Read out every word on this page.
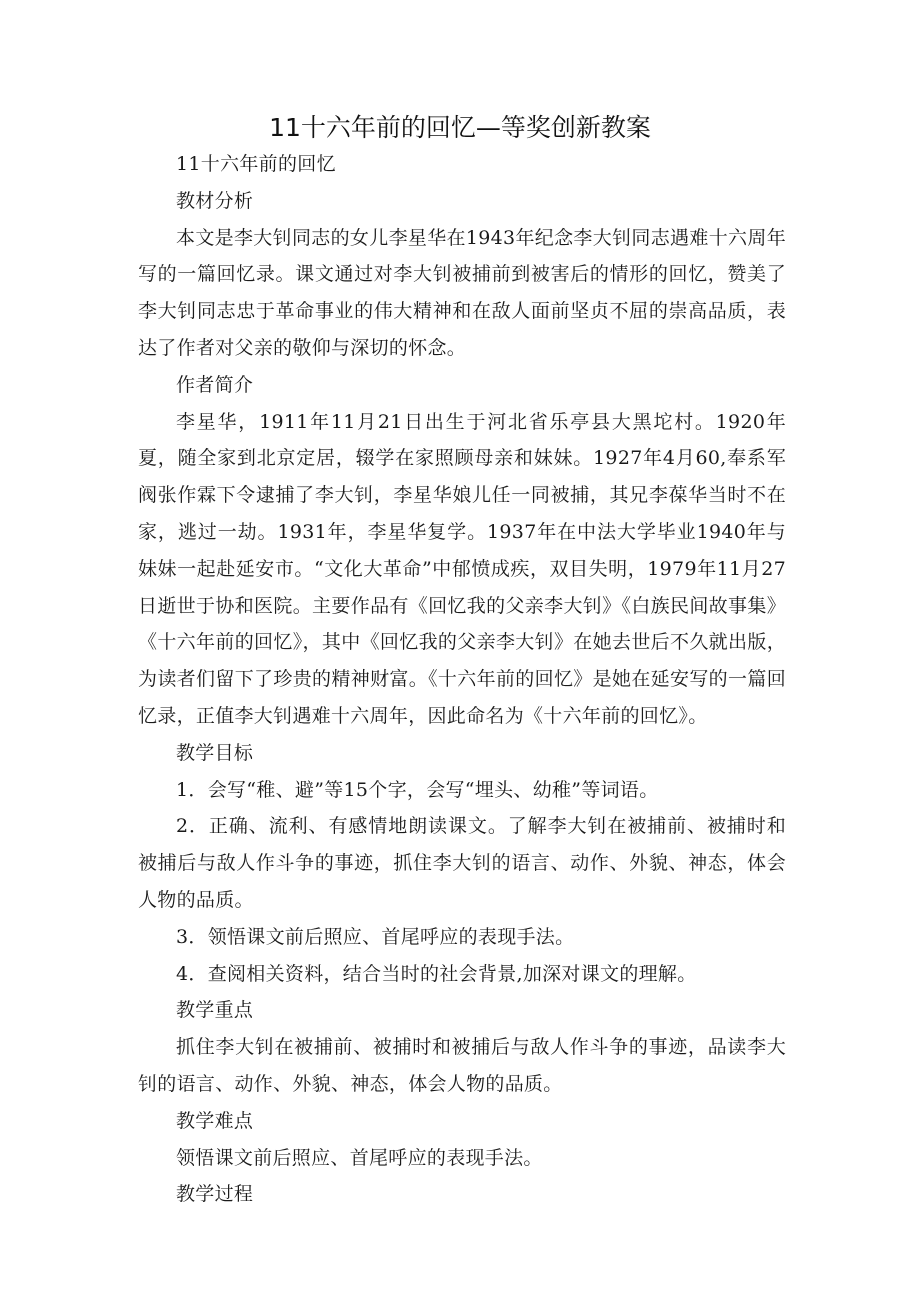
11十六年前的回忆—等奖创新教案

11十六年前的回忆

教材分析

本文是李大钊同志的女儿李星华在1943年纪念李大钊同志遇难十六周年写的一篇回忆录。课文通过对李大钊被捕前到被害后的情形的回忆，赞美了李大钊同志忠于革命事业的伟大精神和在敌人面前坚贞不屈的崇高品质，表达了作者对父亲的敬仰与深切的怀念。

作者简介

李星华，1911年11月21日出生于河北省乐亭县大黑坨村。1920年夏，随全家到北京定居，辍学在家照顾母亲和妹妹。1927年4月60,奉系军阀张作霖下令逮捕了李大钊，李星华娘儿任一同被捕，其兄李葆华当时不在家，逃过一劫。1931年，李星华复学。1937年在中法大学毕业1940年与妹妹一起赴延安市。“文化大革命”中郁愤成疾，双目失明，1979年11月27日逝世于协和医院。主要作品有《回忆我的父亲李大钊》《白族民间故事集》《十六年前的回忆》，其中《回忆我的父亲李大钊》在她去世后不久就出版，为读者们留下了珍贵的精神财富。《十六年前的回忆》是她在延安写的一篇回忆录，正值李大钊遇难十六周年，因此命名为《十六年前的回忆》。

教学目标

1．会写“稚、避”等15个字，会写“埋头、幼稚”等词语。

2．正确、流利、有感情地朗读课文。了解李大钊在被捕前、被捕时和被捕后与敌人作斗争的事迹，抓住李大钊的语言、动作、外貌、神态，体会人物的品质。

3．领悟课文前后照应、首尾呼应的表现手法。

4．查阅相关资料，结合当时的社会背景,加深对课文的理解。

教学重点

抓住李大钊在被捕前、被捕时和被捕后与敌人作斗争的事迹，品读李大钊的语言、动作、外貌、神态，体会人物的品质。

教学难点

领悟课文前后照应、首尾呼应的表现手法。

教学过程
